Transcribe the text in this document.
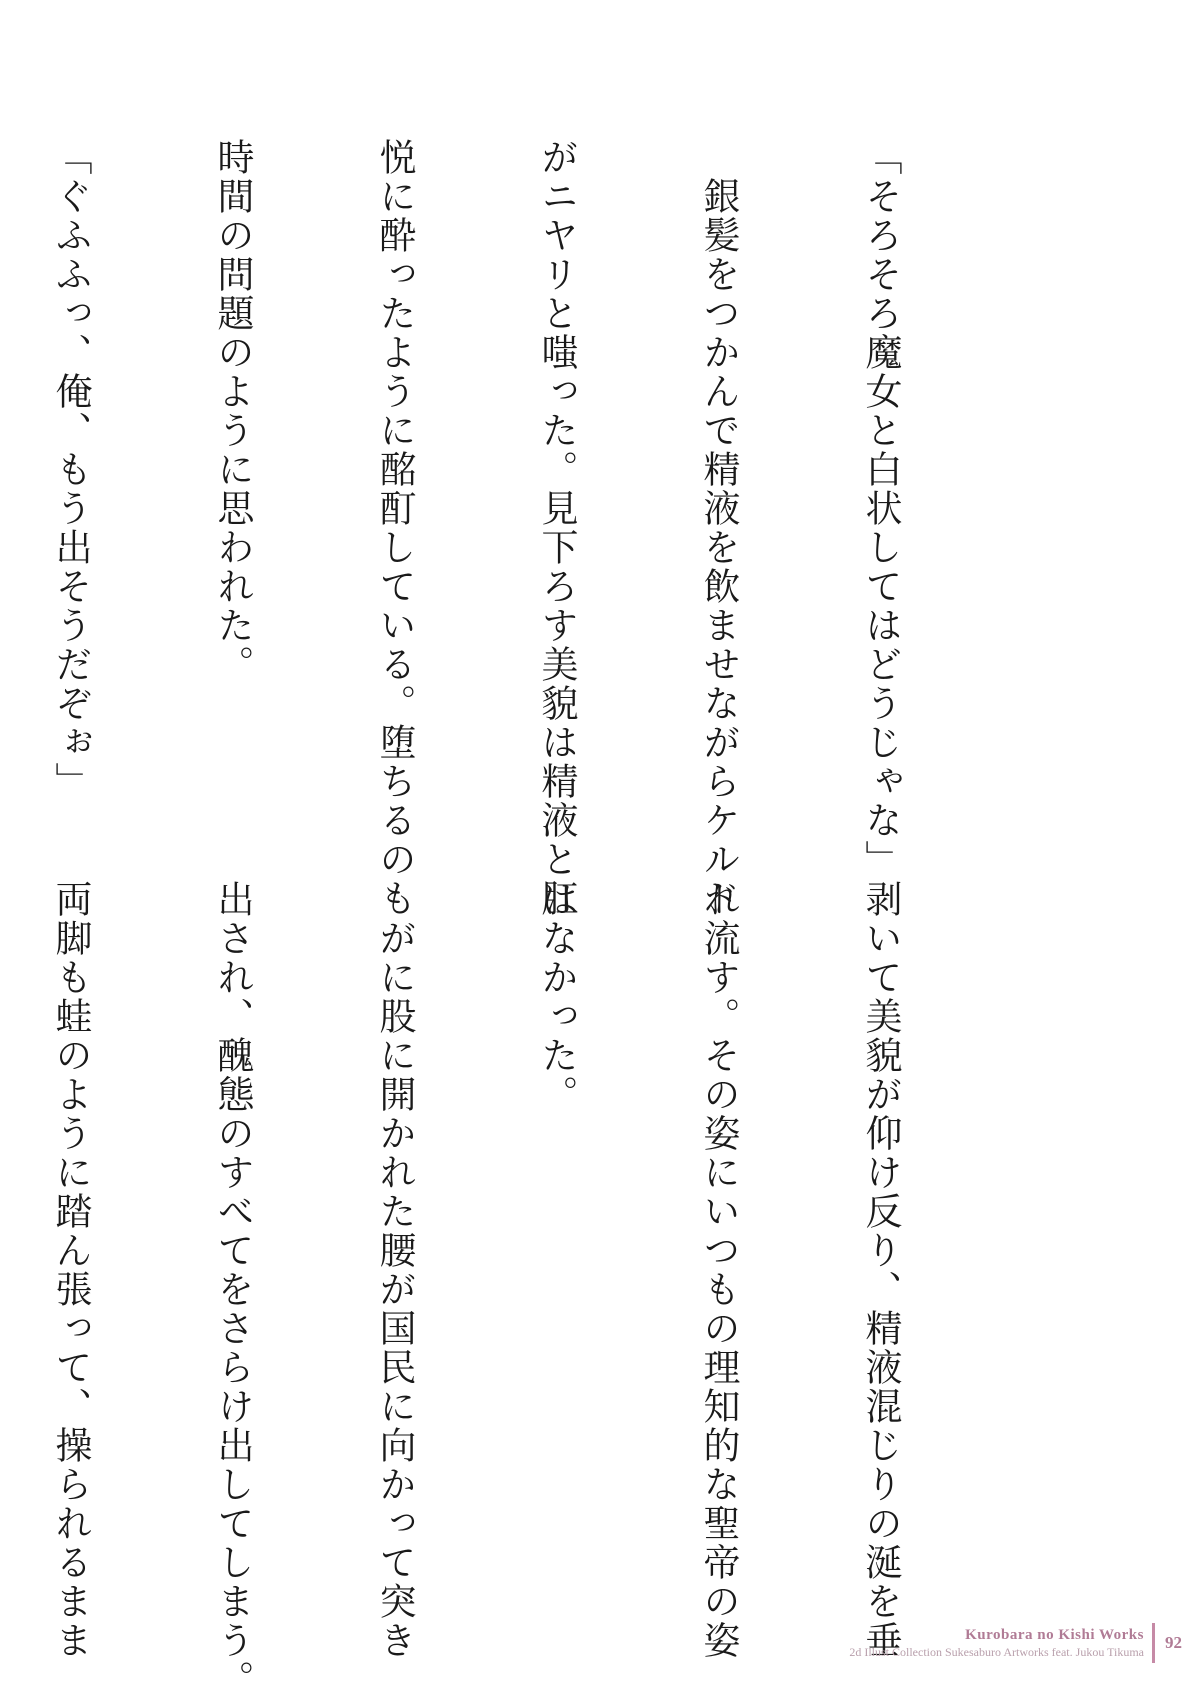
「そろそろ魔女と白状してはどうじゃな」

　銀髪をつかんで精液を飲ませながらケルド

がニヤリと嗤った。見下ろす美貌は精液と肛

悦に酔ったように酩酊している。堕ちるのも

時間の問題のように思われた。

「ぐふふっ、俺、もう出そうだぞぉ」

剥いて美貌が仰け反り、精液混じりの涎を垂

れ流す。その姿にいつもの理知的な聖帝の姿

はなかった。

　がに股に開かれた腰が国民に向かって突き

出され、醜態のすべてをさらけ出してしまう。

両脚も蛙のように踏ん張って、操られるまま

	Kurobara no Kishi Works
2d Illust Collection Sukesaburo Artworks feat. Jukou Tikuma 92
